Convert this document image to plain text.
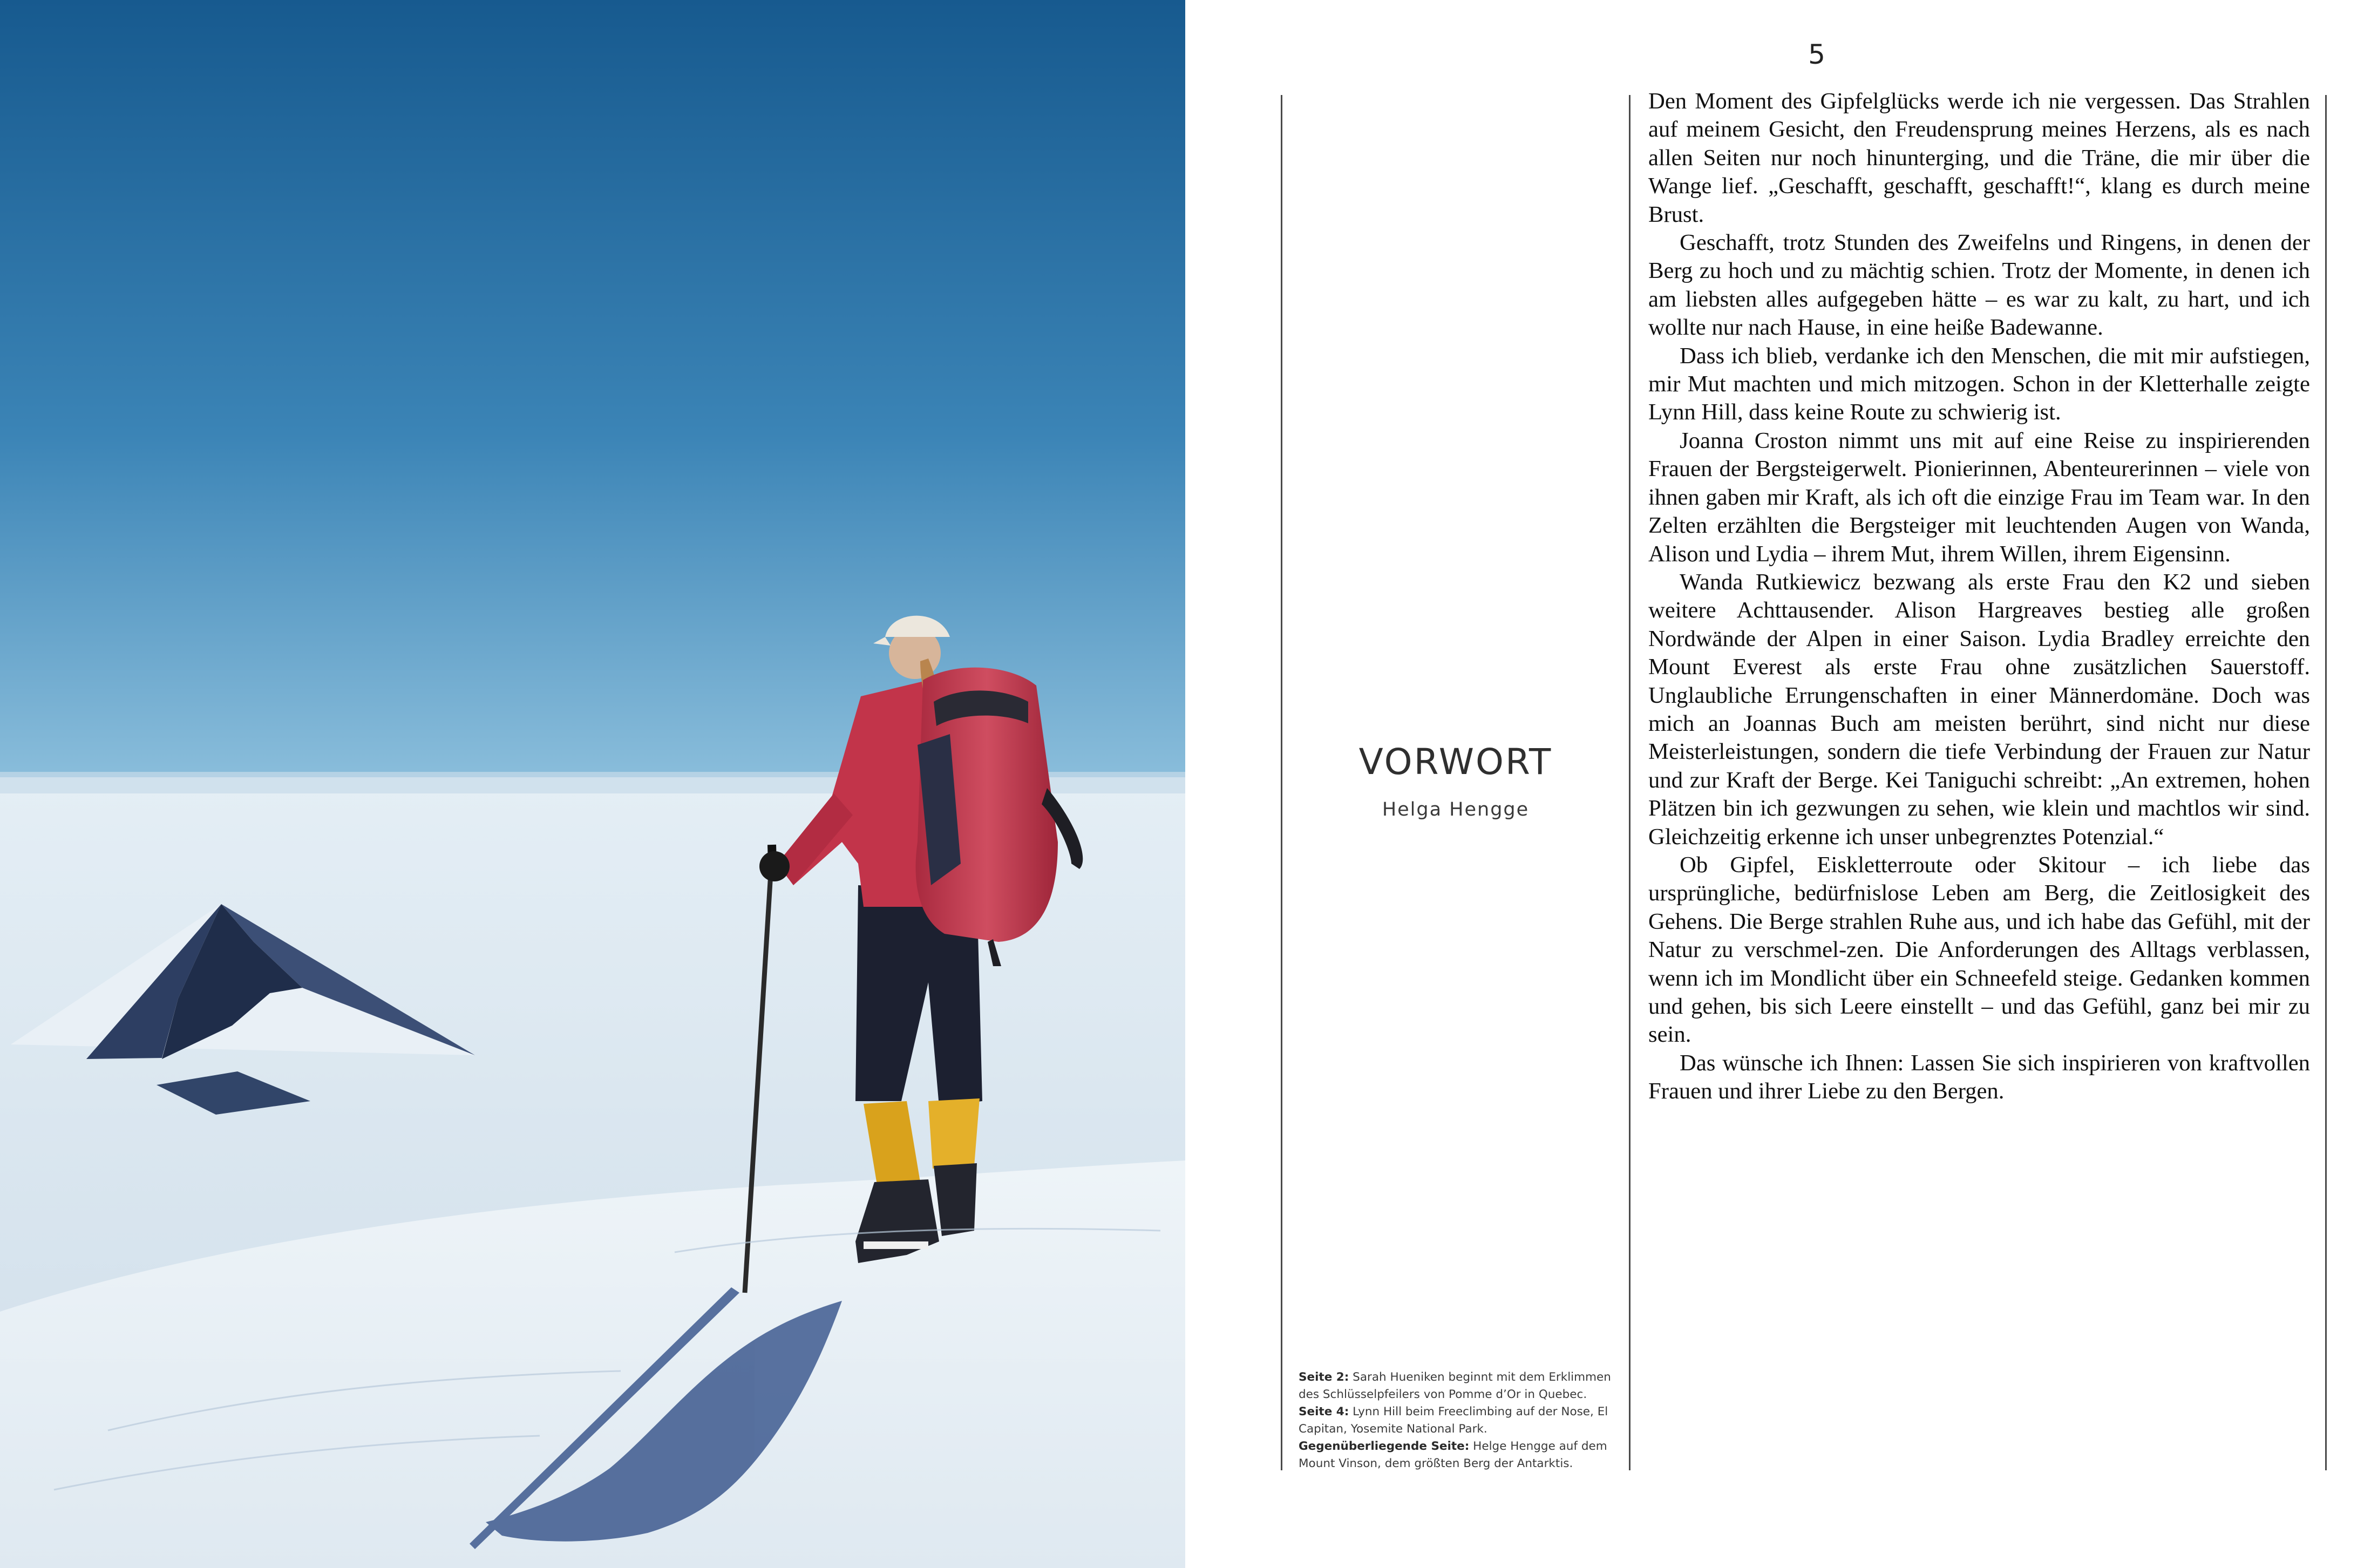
5
VORWORT
Helga Hengge

Seite 2: Sarah Hueniken beginnt mit dem Erklimmen des Schlüsselpfeilers von Pomme d’Or in Quebec.

Seite 4: Lynn Hill beim Freeclimbing auf der Nose, El Capitan, Yosemite National Park.

Gegenüberliegende Seite: Helge Hengge auf dem Mount Vinson, dem größten Berg der Antarktis.

Den Moment des Gipfelglücks werde ich nie vergessen. Das Strahlen auf meinem Gesicht, den Freudensprung meines Herzens, als es nach allen Seiten nur noch hinunterging, und die Träne, die mir über die Wange lief. „Geschafft, geschafft, geschafft!“, klang es durch meine Brust.

Geschafft, trotz Stunden des Zweifelns und Ringens, in denen der Berg zu hoch und zu mächtig schien. Trotz der Momente, in denen ich am liebsten alles aufgegeben hätte – es war zu kalt, zu hart, und ich wollte nur nach Hause, in eine heiße Badewanne.

Dass ich blieb, verdanke ich den Menschen, die mit mir aufstiegen, mir Mut machten und mich mitzogen. Schon in der Kletterhalle zeigte Lynn Hill, dass keine Route zu schwierig ist.

Joanna Croston nimmt uns mit auf eine Reise zu inspirierenden Frauen der Bergsteigerwelt. Pionierinnen, Abenteurerinnen – viele von ihnen gaben mir Kraft, als ich oft die einzige Frau im Team war. In den Zelten erzählten die Bergsteiger mit leuchtenden Augen von Wanda, Alison und Lydia – ihrem Mut, ihrem Willen, ihrem Eigensinn.

Wanda Rutkiewicz bezwang als erste Frau den K2 und sieben weitere Achttausender. Alison Hargreaves bestieg alle großen Nordwände der Alpen in einer Saison. Lydia Bradley erreichte den Mount Everest als erste Frau ohne zusätzlichen Sauerstoff. Unglaubliche Errungenschaften in einer Männerdomäne. Doch was mich an Joannas Buch am meisten berührt, sind nicht nur diese Meisterleistungen, sondern die tiefe Verbindung der Frauen zur Natur und zur Kraft der Berge. Kei Taniguchi schreibt: „An extremen, hohen Plätzen bin ich gezwungen zu sehen, wie klein und machtlos wir sind. Gleichzeitig erkenne ich unser unbegrenztes Potenzial.“

Ob Gipfel, Eiskletterroute oder Skitour – ich liebe das ursprüngliche, bedürfnislose Leben am Berg, die Zeitlosigkeit des Gehens. Die Berge strahlen Ruhe aus, und ich habe das Gefühl, mit der Natur zu verschmel-zen. Die Anforderungen des Alltags verblassen, wenn ich im Mondlicht über ein Schneefeld steige. Gedanken kommen und gehen, bis sich Leere einstellt – und das Gefühl, ganz bei mir zu sein.

Das wünsche ich Ihnen: Lassen Sie sich inspirieren von kraftvollen Frauen und ihrer Liebe zu den Bergen.
